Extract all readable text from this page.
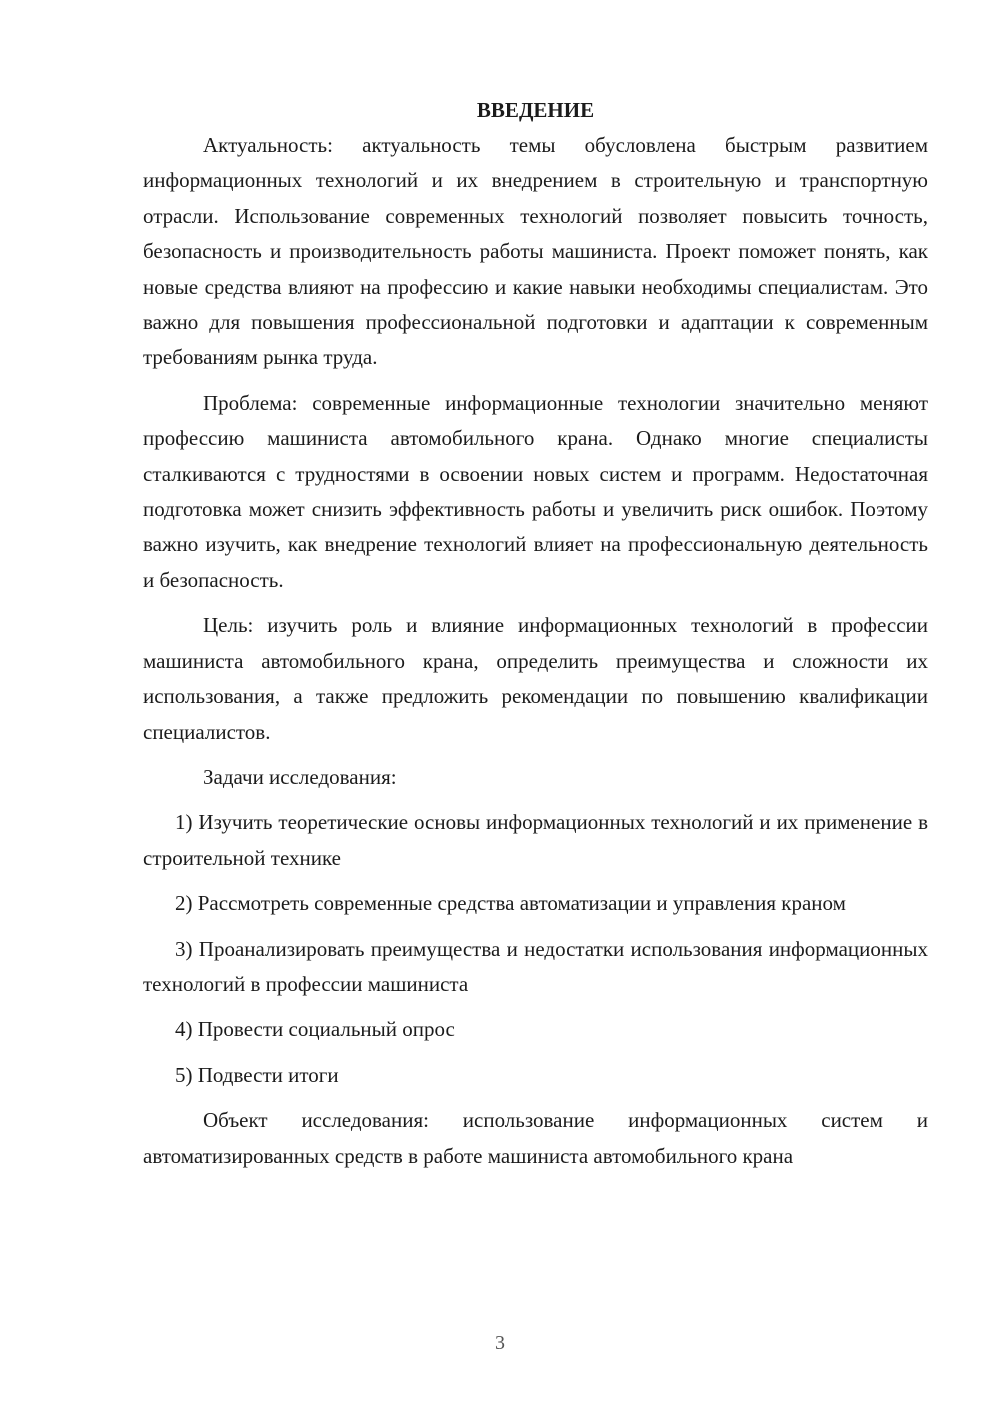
ВВЕДЕНИЕ

Актуальность: актуальность темы обусловлена быстрым развитием информационных технологий и их внедрением в строительную и транспортную отрасли. Использование современных технологий позволяет повысить точность, безопасность и производительность работы машиниста. Проект поможет понять, как новые средства влияют на профессию и какие навыки необходимы специалистам. Это важно для повышения профессиональной подготовки и адаптации к современным требованиям рынка труда.

Проблема: современные информационные технологии значительно меняют профессию машиниста автомобильного крана. Однако многие специалисты сталкиваются с трудностями в освоении новых систем и программ. Недостаточная подготовка может снизить эффективность работы и увеличить риск ошибок. Поэтому важно изучить, как внедрение технологий влияет на профессиональную деятельность и безопасность.

Цель: изучить роль и влияние информационных технологий в профессии машиниста автомобильного крана, определить преимущества и сложности их использования, а также предложить рекомендации по повышению квалификации специалистов.

Задачи исследования:

1) Изучить теоретические основы информационных технологий и их применение в строительной технике

2) Рассмотреть современные средства автоматизации и управления краном

3) Проанализировать преимущества и недостатки использования информационных технологий в профессии машиниста

4) Провести социальный опрос

5) Подвести итоги

Объект исследования: использование информационных систем и автоматизированных средств в работе машиниста автомобильного крана

3
